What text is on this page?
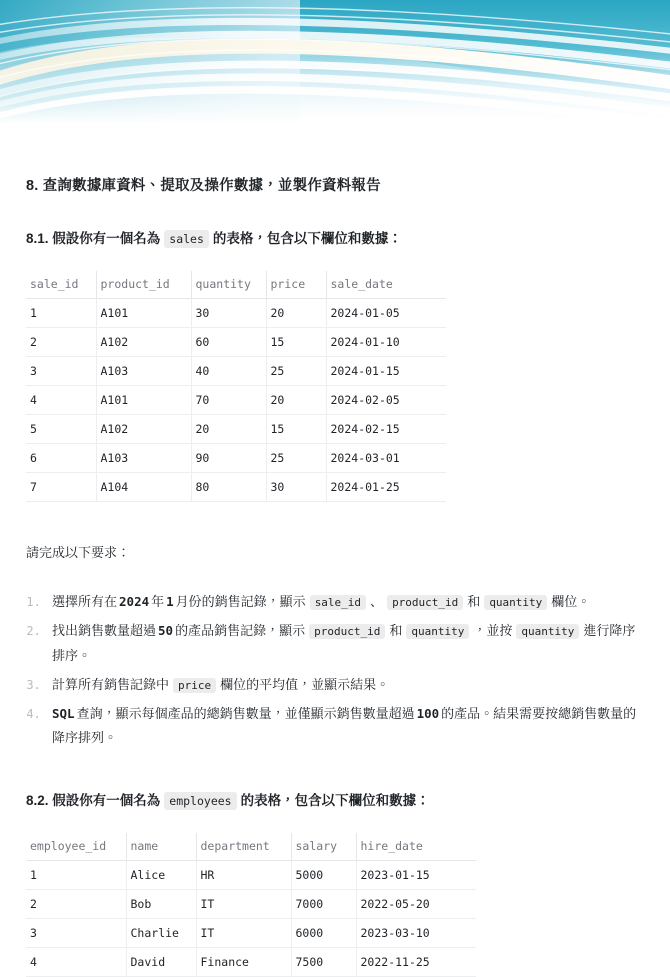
8. 查詢數據庫資料、提取及操作數據，並製作資料報告
8.1. 假設你有一個名為 sales 的表格，包含以下欄位和數據：
sale_id	product_id	quantity	price	sale_date
1	A101	30	20	2024-01-05
2	A102	60	15	2024-01-10
3	A103	40	25	2024-01-15
4	A101	70	20	2024-02-05
5	A102	20	15	2024-02-15
6	A103	90	25	2024-03-01
7	A104	80	30	2024-01-25

請完成以下要求：

1. 選擇所有在 2024 年 1 月份的銷售記錄，顯示 sale_id 、 product_id 和 quantity 欄位。
2. 找出銷售數量超過 50 的產品銷售記錄，顯示 product_id 和 quantity ，並按 quantity 進行降序排序。
3. 計算所有銷售記錄中 price 欄位的平均值，並顯示結果。
4. SQL 查詢，顯示每個產品的總銷售數量，並僅顯示銷售數量超過 100 的產品。結果需要按總銷售數量的降序排列。
8.2. 假設你有一個名為 employees 的表格，包含以下欄位和數據：
employee_id	name	department	salary	hire_date
1	Alice	HR	5000	2023-01-15
2	Bob	IT	7000	2022-05-20
3	Charlie	IT	6000	2023-03-10
4	David	Finance	7500	2022-11-25
